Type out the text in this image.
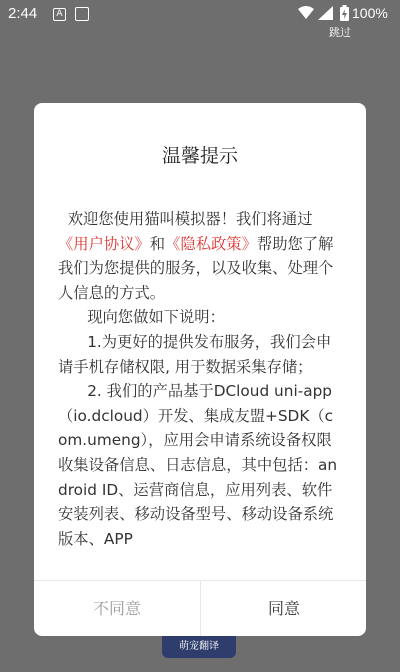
2:44	A	100%
跳过
温馨提示
欢迎您使用猫叫模拟器！我们将通过《用户协议》和《隐私政策》帮助您了解我们为您提供的服务，以及收集、处理个人信息的方式。
现向您做如下说明：
1.为更好的提供发布服务，我们会申请手机存储权限, 用于数据采集存储；
2. 我们的产品基于DCloud uni-app（io.dcloud）开发、集成友盟+SDK（com.umeng），应用会申请系统设备权限收集设备信息、日志信息，其中包括：android ID、运营商信息，应用列表、软件安装列表、移动设备型号、移动设备系统版本、APP
不同意	同意
萌宠翻译
